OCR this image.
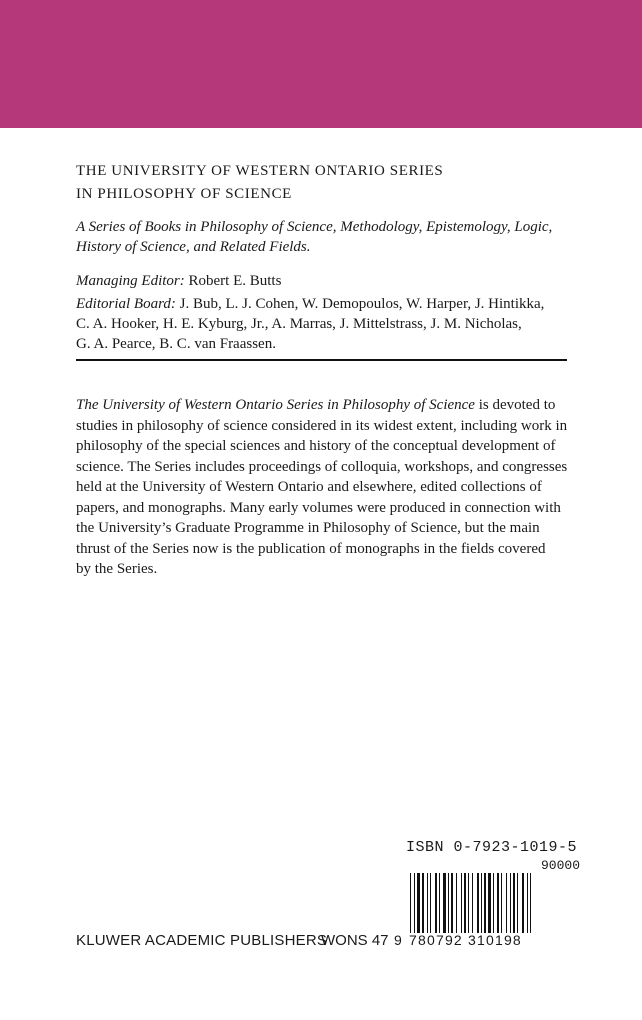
THE UNIVERSITY OF WESTERN ONTARIO SERIES
IN PHILOSOPHY OF SCIENCE
A Series of Books in Philosophy of Science, Methodology, Epistemology, Logic,
History of Science, and Related Fields.
Managing Editor: Robert E. Butts
Editorial Board: J. Bub, L. J. Cohen, W. Demopoulos, W. Harper, J. Hintikka,
C. A. Hooker, H. E. Kyburg, Jr., A. Marras, J. Mittelstrass, J. M. Nicholas,
G. A. Pearce, B. C. van Fraassen.
The University of Western Ontario Series in Philosophy of Science is devoted to
studies in philosophy of science considered in its widest extent, including work in
philosophy of the special sciences and history of the conceptual development of
science. The Series includes proceedings of colloquia, workshops, and congresses
held at the University of Western Ontario and elsewhere, edited collections of
papers, and monographs. Many early volumes were produced in connection with
the University’s Graduate Programme in Philosophy of Science, but the main
thrust of the Series now is the publication of monographs in the fields covered
by the Series.
ISBN 0-7923-1019-5
90000
9 780792 310198
KLUWER ACADEMIC PUBLISHERS
WONS 47
